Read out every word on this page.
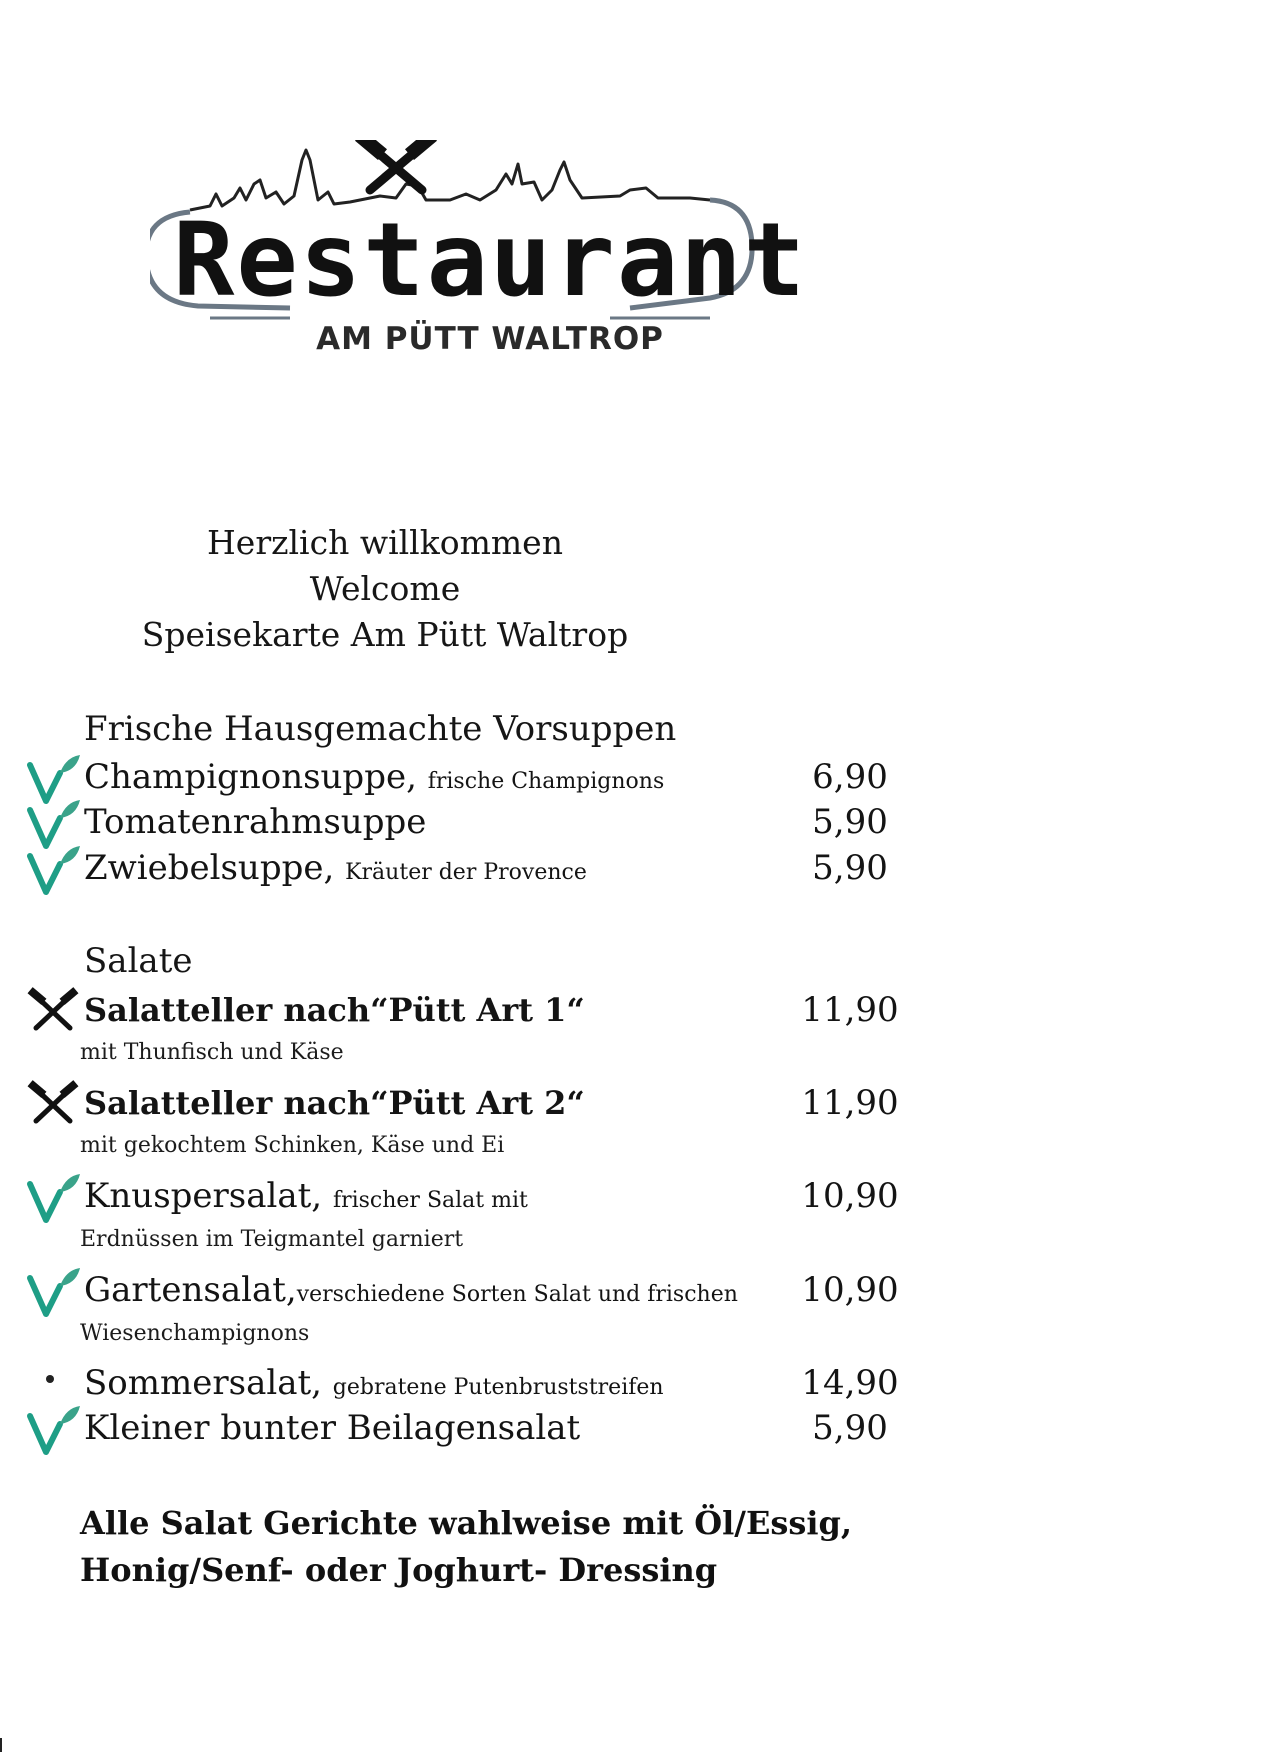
Restaurant
AM PÜTT WALTROP
Herzlich willkommen
Welcome
Speisekarte Am Pütt Waltrop
Frische Hausgemachte Vorsuppen
Champignonsuppe, frische Champignons	6,90
Tomatenrahmsuppe	5,90
Zwiebelsuppe, Kräuter der Provence	5,90
Salate
Salatteller nach“Pütt Art 1“	11,90
mit Thunfisch und Käse
Salatteller nach“Pütt Art 2“	11,90
mit gekochtem Schinken, Käse und Ei
Knuspersalat, frischer Salat mit	10,90
Erdnüssen im Teigmantel garniert
Gartensalat,verschiedene Sorten Salat und frischen 10,90
Wiesenchampignons
Sommersalat, gebratene Putenbruststreifen	14,90
Kleiner bunter Beilagensalat	5,90
Alle Salat Gerichte wahlweise mit Öl/Essig,
Honig/Senf- oder Joghurt- Dressing
